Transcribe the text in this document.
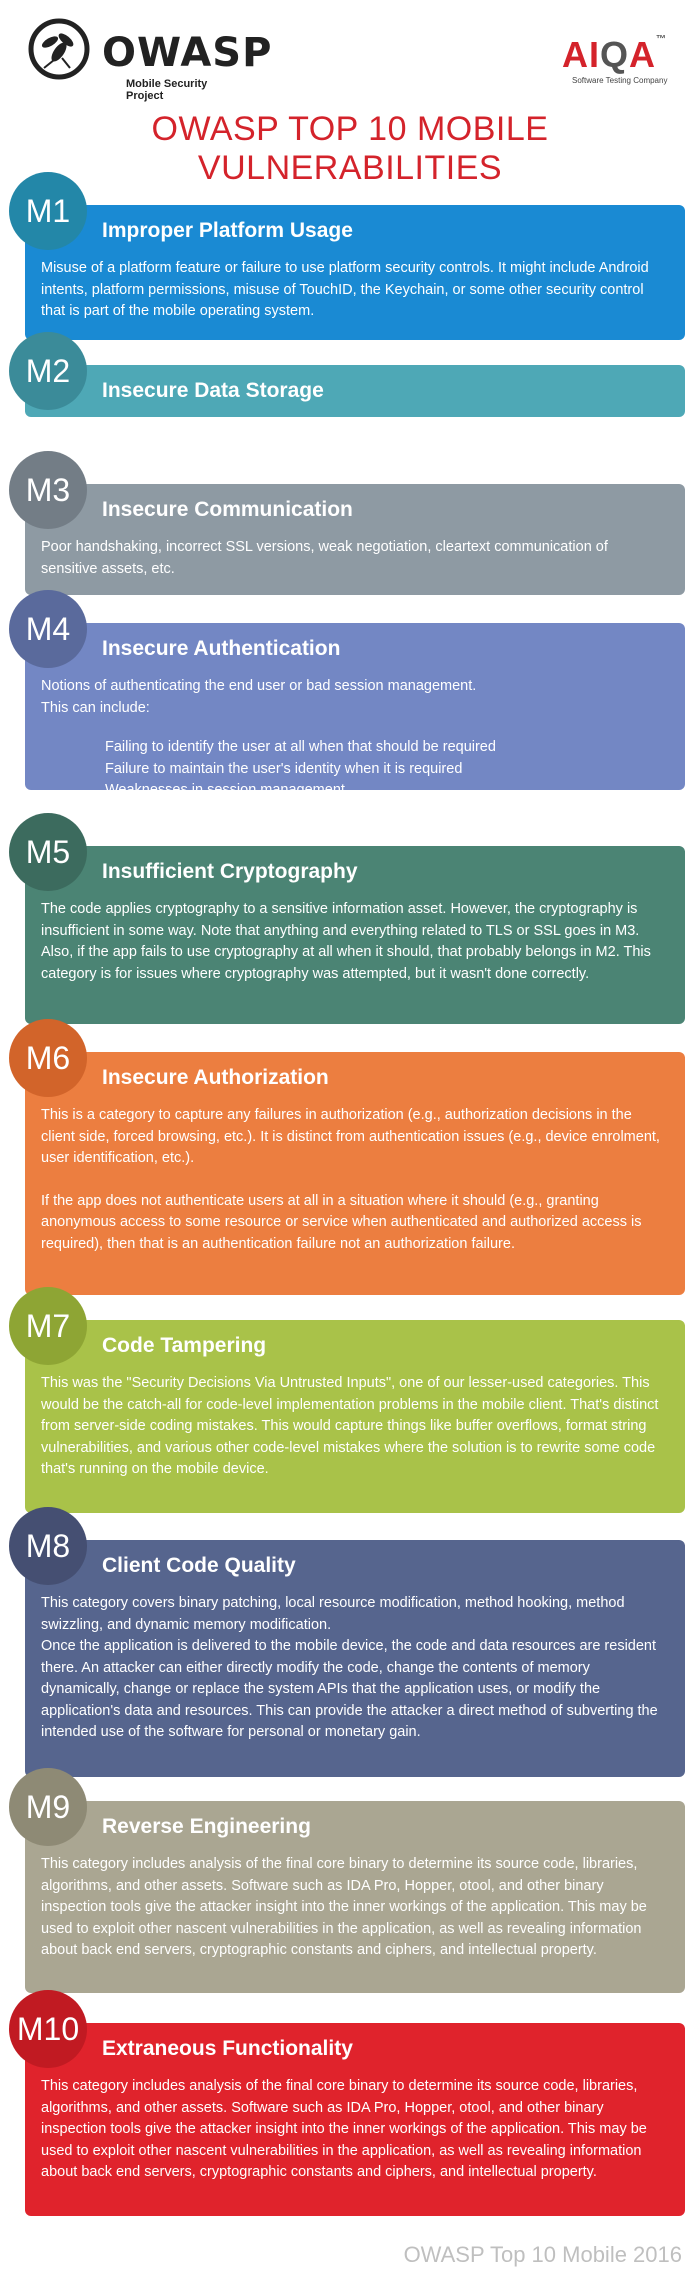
OWASP
Mobile Security Project
AIQA™
Software Testing Company
OWASP TOP 10 MOBILE VULNERABILITIES
Improper Platform Usage

Misuse of a platform feature or failure to use platform security controls. It might include Android intents, platform permissions, misuse of TouchID, the Keychain, or some other security control that is part of the mobile operating system.

M1
Insecure Data Storage

Insecure data storage and unintended data leakage.

M2
Insecure Communication

Poor handshaking, incorrect SSL versions, weak negotiation, cleartext communication of sensitive assets, etc.

M3
Insecure Authentication

Notions of authenticating the end user or bad session management.

This can include:

Failing to identify the user at all when that should be required
Failure to maintain the user's identity when it is required
Weaknesses in session management
M4
Insufficient Cryptography

The code applies cryptography to a sensitive information asset. However, the cryptography is insufficient in some way. Note that anything and everything related to TLS or SSL goes in M3. Also, if the app fails to use cryptography at all when it should, that probably belongs in M2. This category is for issues where cryptography was attempted, but it wasn't done correctly.

M5
Insecure Authorization

This is a category to capture any failures in authorization (e.g., authorization decisions in the client side, forced browsing, etc.). It is distinct from authentication issues (e.g., device enrolment, user identification, etc.).

If the app does not authenticate users at all in a situation where it should (e.g., granting anonymous access to some resource or service when authenticated and authorized access is required), then that is an authentication failure not an authorization failure.

M6
Code Tampering

This was the "Security Decisions Via Untrusted Inputs", one of our lesser-used categories. This would be the catch-all for code-level implementation problems in the mobile client. That's distinct from server-side coding mistakes. This would capture things like buffer overflows, format string vulnerabilities, and various other code-level mistakes where the solution is to rewrite some code that's running on the mobile device.

M7
Client Code Quality

This category covers binary patching, local resource modification, method hooking, method swizzling, and dynamic memory modification.

Once the application is delivered to the mobile device, the code and data resources are resident there. An attacker can either directly modify the code, change the contents of memory dynamically, change or replace the system APIs that the application uses, or modify the application's data and resources. This can provide the attacker a direct method of subverting the intended use of the software for personal or monetary gain.

M8
Reverse Engineering

This category includes analysis of the final core binary to determine its source code, libraries, algorithms, and other assets. Software such as IDA Pro, Hopper, otool, and other binary inspection tools give the attacker insight into the inner workings of the application. This may be used to exploit other nascent vulnerabilities in the application, as well as revealing information about back end servers, cryptographic constants and ciphers, and intellectual property.

M9
Extraneous Functionality

This category includes analysis of the final core binary to determine its source code, libraries, algorithms, and other assets. Software such as IDA Pro, Hopper, otool, and other binary inspection tools give the attacker insight into the inner workings of the application. This may be used to exploit other nascent vulnerabilities in the application, as well as revealing information about back end servers, cryptographic constants and ciphers, and intellectual property.

M10
OWASP Top 10 Mobile 2016
